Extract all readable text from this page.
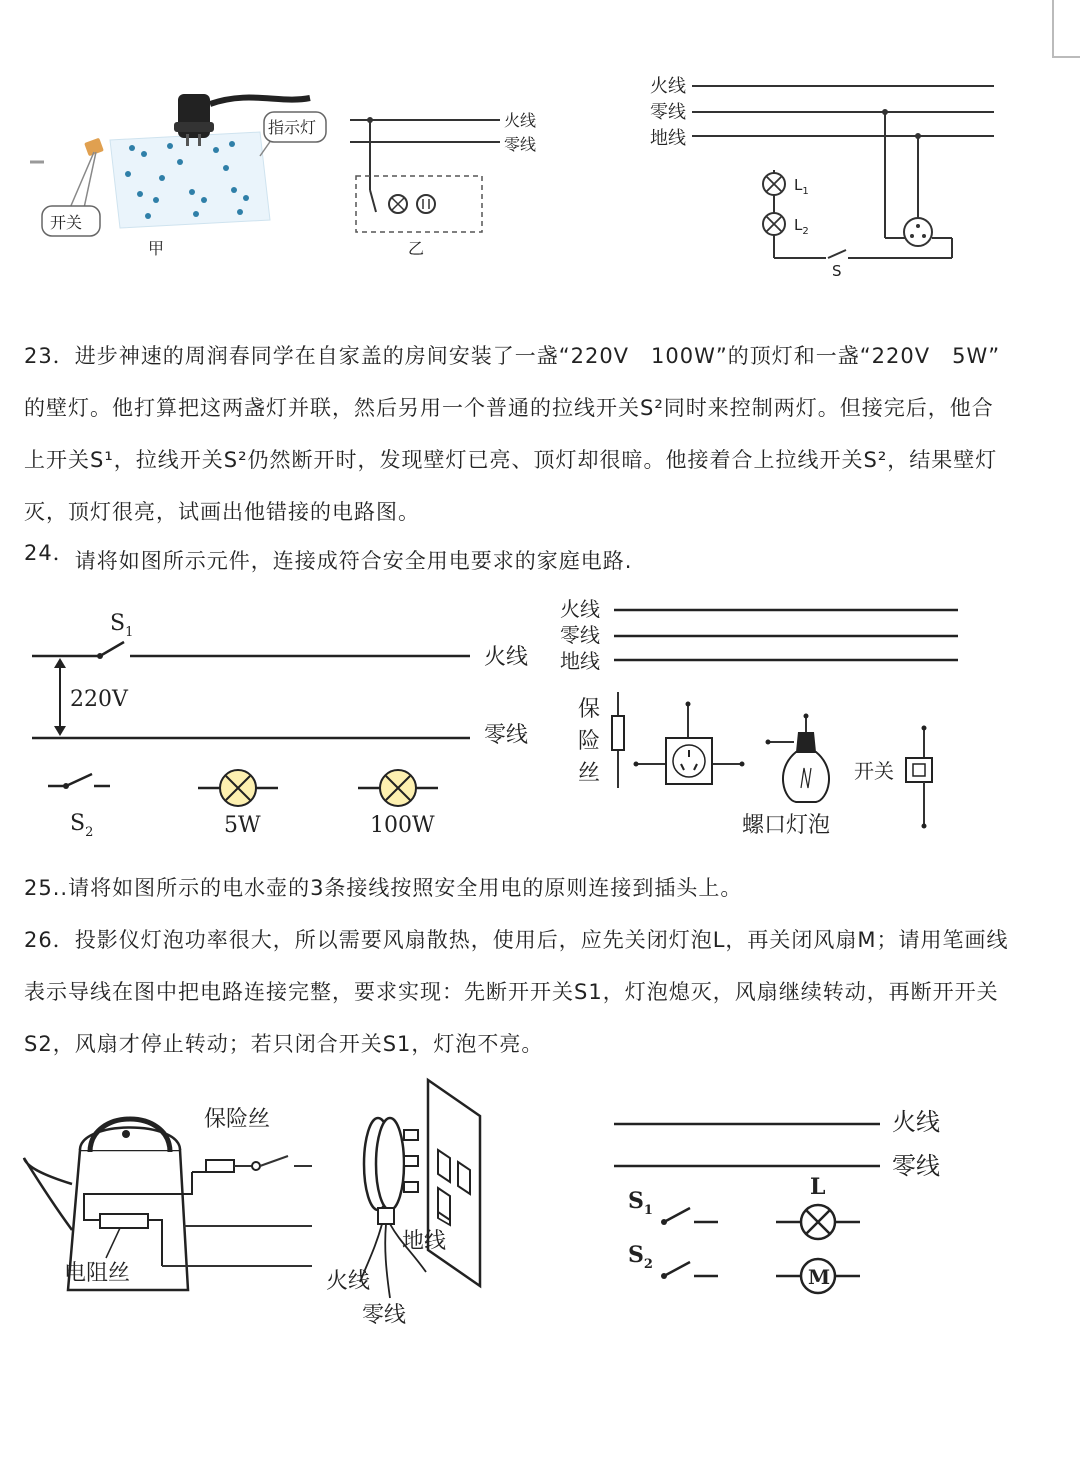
开关
指示灯
甲
火线
零线
乙
火线
零线
地线
$L_1$
$L_2$
S
23．进步神速的周润春同学在自家盖的房间安装了一盏“220V　100W”的顶灯和一盏“220V　5W”
的壁灯。他打算把这两盏灯并联，然后另用一个普通的拉线开关S²同时来控制两灯。但接完后，他合
上开关S¹，拉线开关S²仍然断开时，发现壁灯已亮、顶灯却很暗。他接着合上拉线开关S²，结果壁灯
灭，顶灯很亮，试画出他错接的电路图。
24．请将如图所示元件，连接成符合安全用电要求的家庭电路.
$S_1$
220V
火线
零线
$S_2$	5W	100W
火线
零线
地线
保
险
丝
螺口灯泡
开关
25..请将如图所示的电水壶的3条接线按照安全用电的原则连接到插头上。
26．投影仪灯泡功率很大，所以需要风扇散热，使用后，应先关闭灯泡L，再关闭风扇M；请用笔画线
表示导线在图中把电路连接完整，要求实现：先断开开关S1，灯泡熄灭，风扇继续转动，再断开开关
S2，风扇才停止转动；若只闭合开关S1，灯泡不亮。
保险丝
电阻丝
地线
火线
零线
火线
零线
$S_1$
$S_2$
L
M
